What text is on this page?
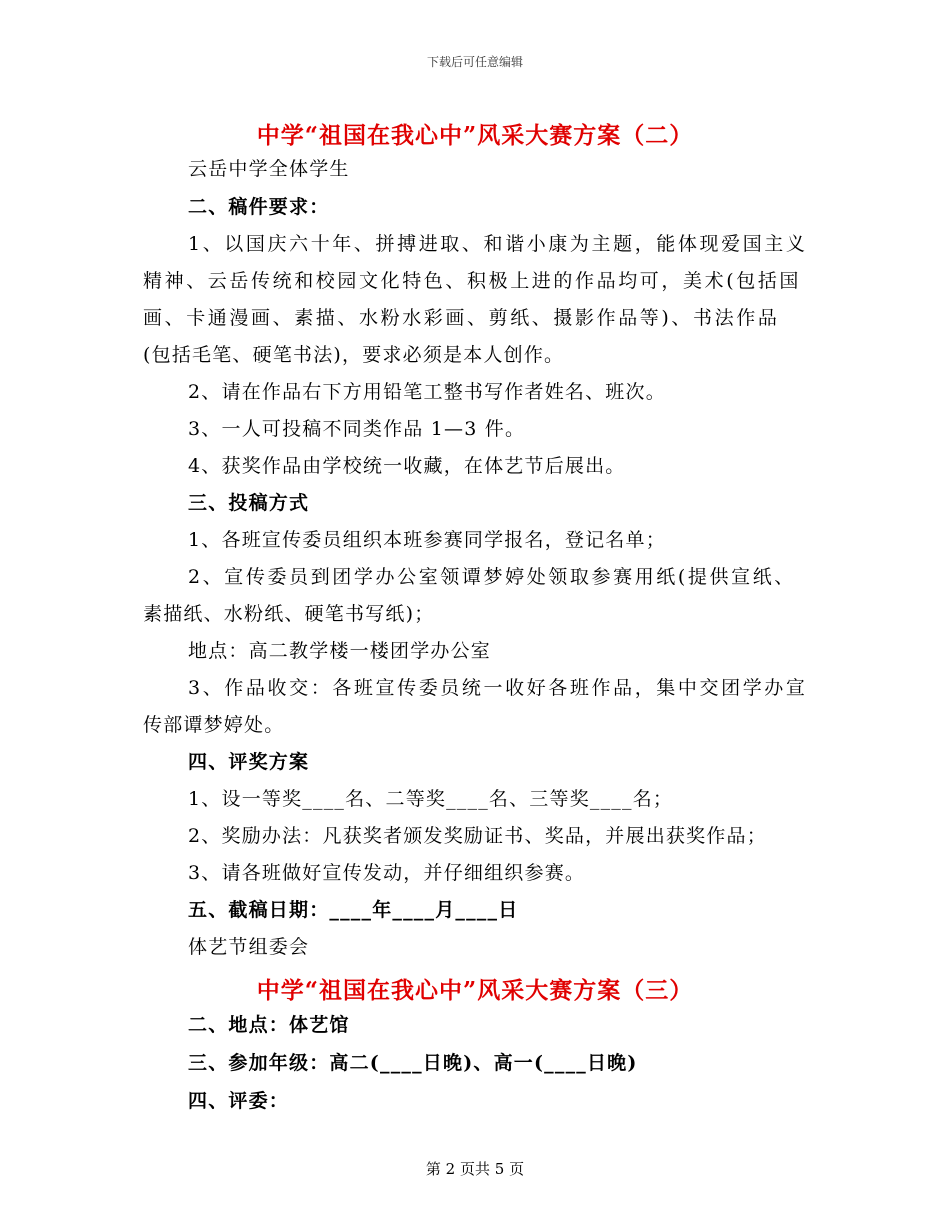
下载后可任意编辑
中学“祖国在我心中”风采大赛方案（二）
云岳中学全体学生
二、稿件要求：
1、以国庆六十年、拼搏进取、和谐小康为主题，能体现爱国主义
精神、云岳传统和校园文化特色、积极上进的作品均可，美术(包括国
画、卡通漫画、素描、水粉水彩画、剪纸、摄影作品等)、书法作品
(包括毛笔、硬笔书法)，要求必须是本人创作。
2、请在作品右下方用铅笔工整书写作者姓名、班次。
3、一人可投稿不同类作品 1—3 件。
4、获奖作品由学校统一收藏，在体艺节后展出。
三、投稿方式
1、各班宣传委员组织本班参赛同学报名，登记名单；
2、宣传委员到团学办公室领谭梦婷处领取参赛用纸(提供宣纸、
素描纸、水粉纸、硬笔书写纸)；
地点：高二教学楼一楼团学办公室
3、作品收交：各班宣传委员统一收好各班作品，集中交团学办宣
传部谭梦婷处。
四、评奖方案
1、设一等奖____名、二等奖____名、三等奖____名；
2、奖励办法：凡获奖者颁发奖励证书、奖品，并展出获奖作品；
3、请各班做好宣传发动，并仔细组织参赛。
五、截稿日期：____年____月____日
体艺节组委会
中学“祖国在我心中”风采大赛方案（三）
二、地点：体艺馆
三、参加年级：高二(____日晚)、高一(____日晚)
四、评委：
第 2 页共 5 页
